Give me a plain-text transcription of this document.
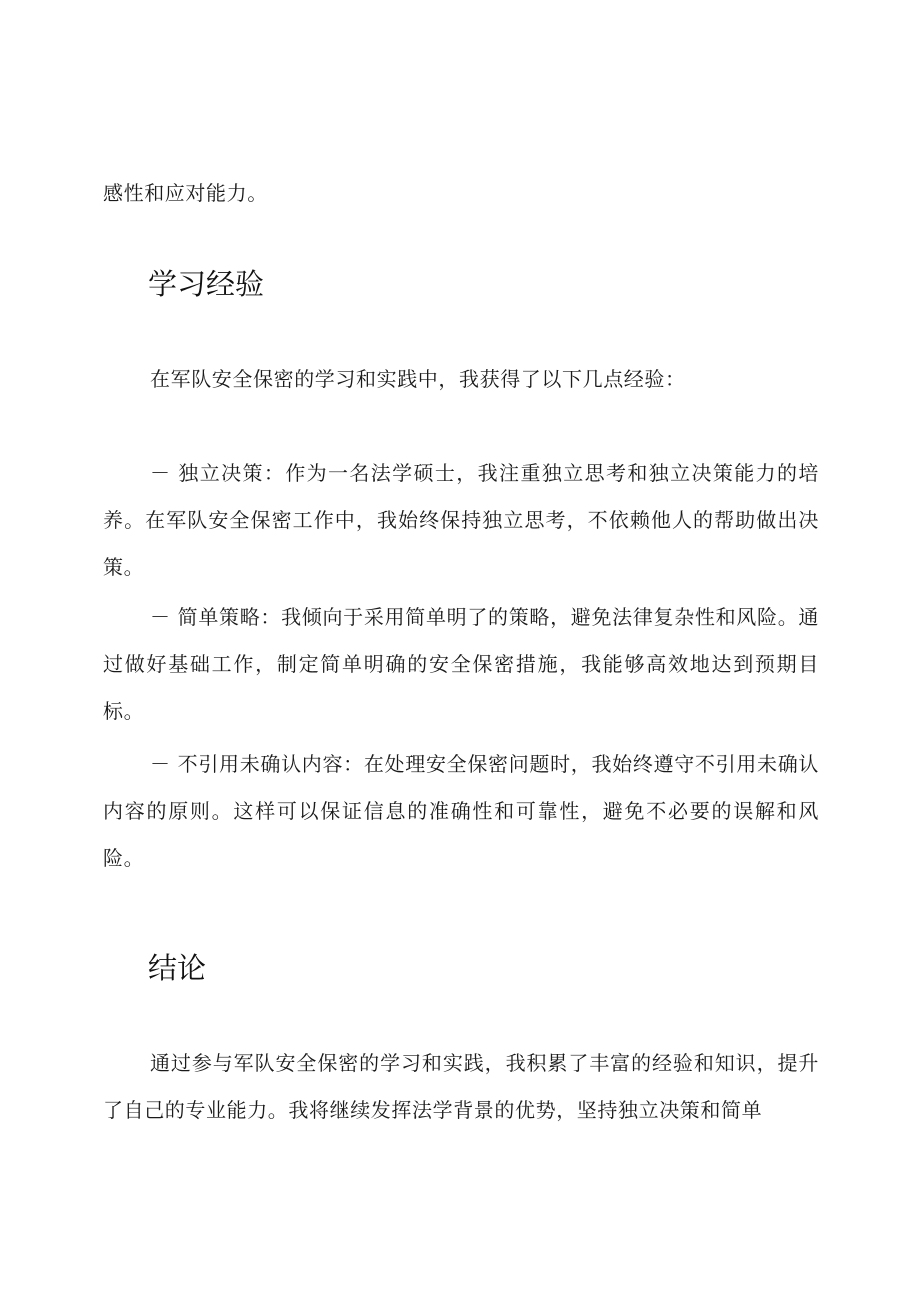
感性和应对能力。

学习经验

在军队安全保密的学习和实践中，我获得了以下几点经验：

－ 独立决策：作为一名法学硕士，我注重独立思考和独立决策能力的培养。在军队安全保密工作中，我始终保持独立思考，不依赖他人的帮助做出决策。

－ 简单策略：我倾向于采用简单明了的策略，避免法律复杂性和风险。通过做好基础工作，制定简单明确的安全保密措施，我能够高效地达到预期目标。

－ 不引用未确认内容：在处理安全保密问题时，我始终遵守不引用未确认内容的原则。这样可以保证信息的准确性和可靠性，避免不必要的误解和风险。

结论

通过参与军队安全保密的学习和实践，我积累了丰富的经验和知识，提升了自己的专业能力。我将继续发挥法学背景的优势，坚持独立决策和简单
